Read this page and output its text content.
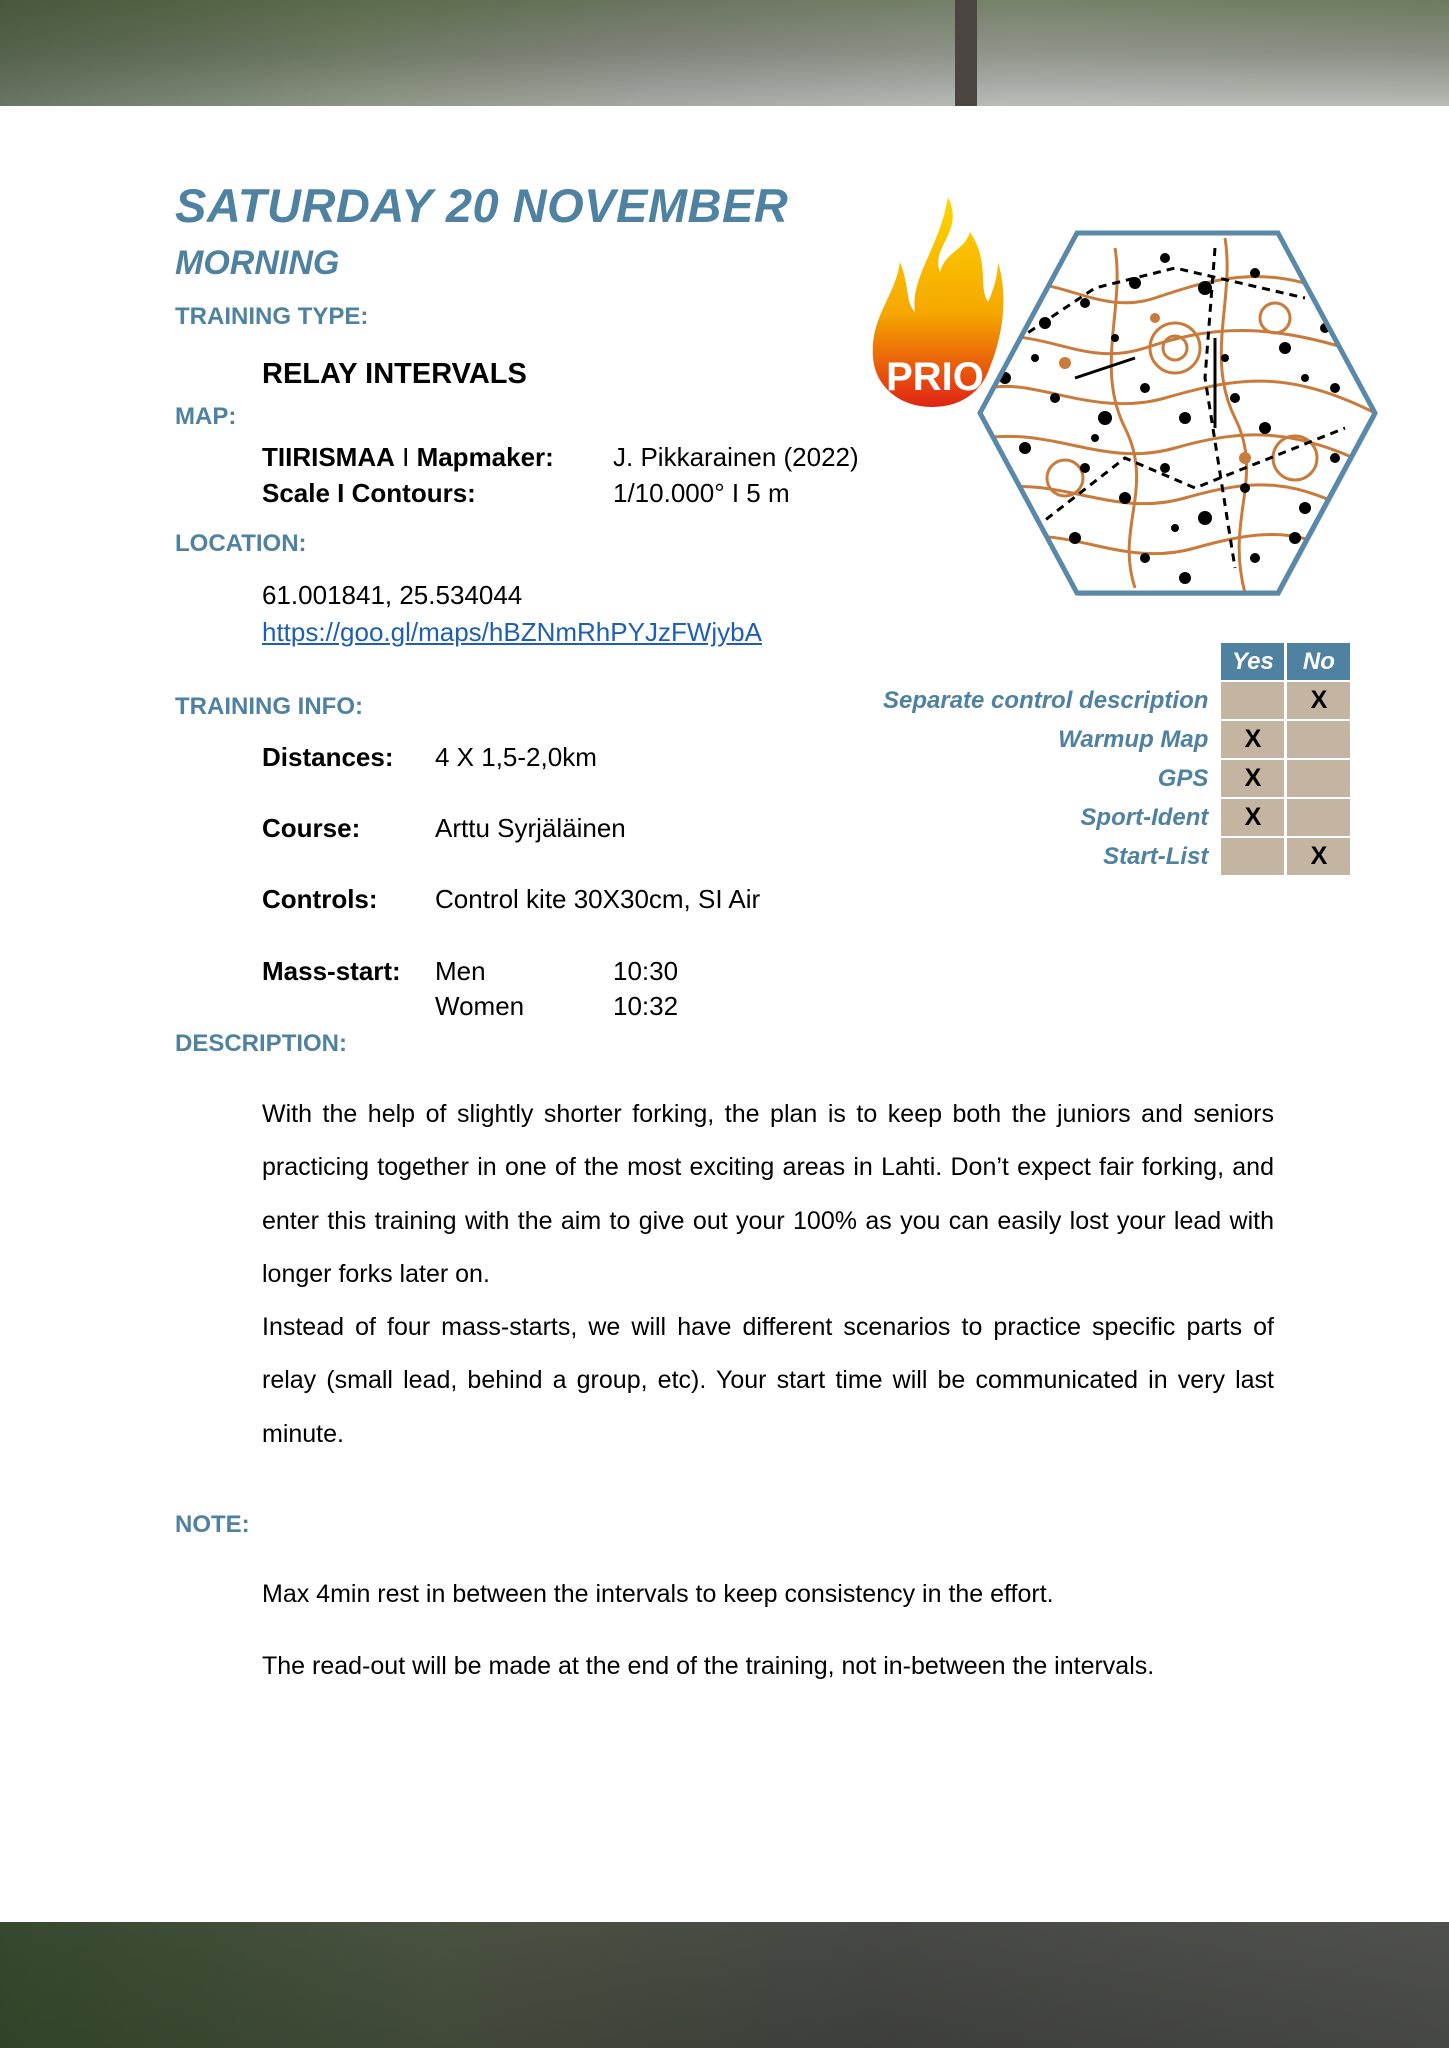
SATURDAY 20 NOVEMBER
MORNING
TRAINING TYPE:
RELAY INTERVALS
MAP:
TIIRISMAA I Mapmaker: J. Pikkarainen (2022)
Scale I Contours:	1/10.000° I 5 m
LOCATION:
61.001841, 25.534044
https://goo.gl/maps/hBZNmRhPYJzFWjybA
PRIO
	Yes	No
Separate control description		X
Warmup Map	X	
GPS	X	
Sport-Ident	X	
Start-List		X
TRAINING INFO:
Distances: 4 X 1,5-2,0km
Course:	Arttu Syrjäläinen
Controls: Control kite 30X30cm, SI Air
Mass-start: Men	10:30
Women	10:32
DESCRIPTION:

With the help of slightly shorter forking, the plan is to keep both the juniors and seniors practicing together in one of the most exciting areas in Lahti. Don’t expect fair forking, and enter this training with the aim to give out your 100% as you can easily lost your lead with longer forks later on.

Instead of four mass-starts, we will have different scenarios to practice specific parts of relay (small lead, behind a group, etc). Your start time will be communicated in very last minute.

NOTE:
Max 4min rest in between the intervals to keep consistency in the effort.
The read-out will be made at the end of the training, not in-between the intervals.
